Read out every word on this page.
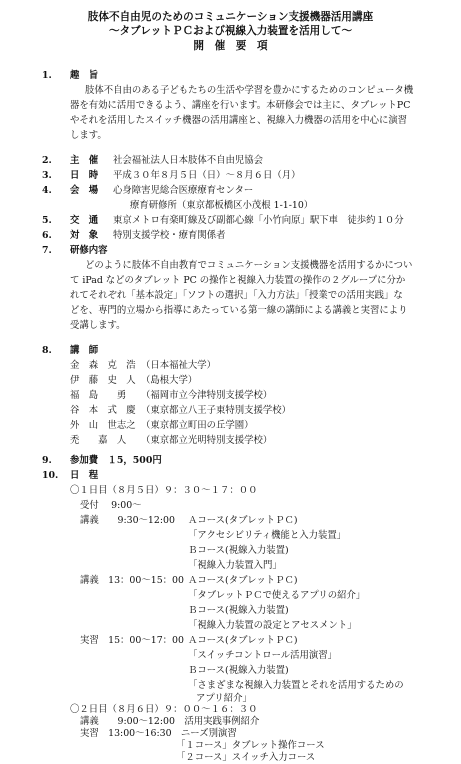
肢体不自由児のためのコミュニケーション支援機器活用講座
〜タブレットＰＣおよび視線入力装置を活用して〜
開　催　要　項
1. 趣　旨
肢体不自由のある子どもたちの生活や学習を豊かにするためのコンピュータ機
器を有効に活用できるよう、講座を行います。本研修会では主に、タブレットPC
やそれを活用したスイッチ機器の活用講座と、視線入力機器の活用を中心に演習
します。
2. 主　催 社会福祉法人日本肢体不自由児協会
3. 日　時 平成３０年８月５日（日）〜８月６日（月）
4. 会　場 心身障害児総合医療療育センター
療育研修所（東京都板橋区小茂根 1-1-10）
5. 交　通 東京メトロ有楽町線及び副都心線「小竹向原」駅下車　徒歩約１０分
6. 対　象 特別支援学校・療育関係者
7. 研修内容
どのように肢体不自由教育でコミュニケーション支援機器を活用するかについ
て iPad などのタブレット PC の操作と視線入力装置の操作の２グループに分か
れてそれぞれ「基本設定」「ソフトの選択」「入力方法」「授業での活用実践」な
どを、専門的立場から指導にあたっている第一線の講師による講義と実習により
受講します。
8. 講　師
金　森　克　浩 （日本福祉大学）
伊　藤　史　人 （島根大学）
福　島　　勇 （福岡市立今津特別支援学校）
谷　本　式　慶 （東京都立八王子東特別支援学校）
外　山　世志之 （東京都立町田の丘学園）
禿　　嘉　人 （東京都立光明特別支援学校）
9. 参加費　１5，500円
10. 日　程
〇１日目（８月５日）９：３０〜１７：００
受付　 9:00〜
講義　　9:30〜12:00 Ａコース(タブレットＰＣ)
「アクセシビリティ機能と入力装置」
Ｂコース(視線入力装置)
「視線入力装置入門」
講義　13：00〜15：00 Ａコース(タブレットＰＣ)
「タブレットＰＣで使えるアプリの紹介」
Ｂコース(視線入力装置)
「視線入力装置の設定とアセスメント」
実習　15：00〜17：00 Ａコース(タブレットＰＣ)
「スイッチコントロール活用演習」
Ｂコース(視線入力装置)
「さまざまな視線入力装置とそれを活用するための
アプリ紹介」
〇２日目（８月６日）９：００〜１６：３０
講義　　9:00〜12:00　活用実践事例紹介
実習　13:00〜16:30　ニーズ別演習
「１コース」タブレット操作コース
「２コース」スイッチ入力コース
